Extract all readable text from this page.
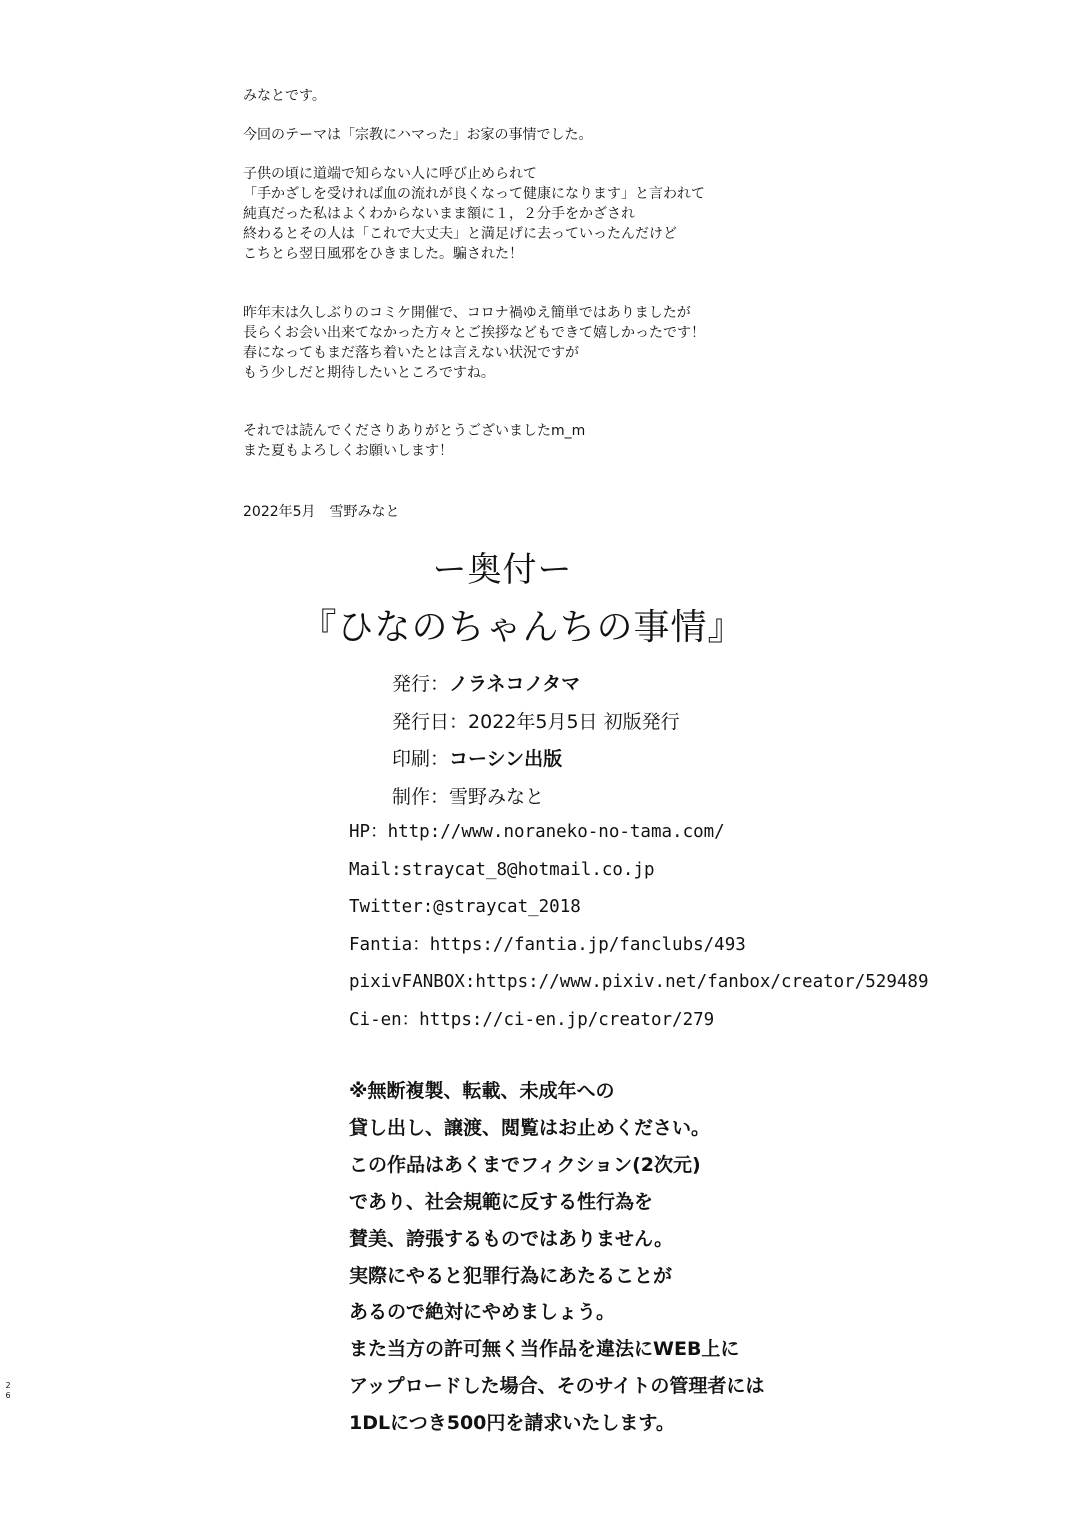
みなとです。

今回のテーマは「宗教にハマった」お家の事情でした。

子供の頃に道端で知らない人に呼び止められて
「手かざしを受ければ血の流れが良くなって健康になります」と言われて
純真だった私はよくわからないまま額に１，２分手をかざされ
終わるとその人は「これで大丈夫」と満足げに去っていったんだけど
こちとら翌日風邪をひきました。騙された！

昨年末は久しぶりのコミケ開催で、コロナ禍ゆえ簡単ではありましたが
長らくお会い出来てなかった方々とご挨拶などもできて嬉しかったです！
春になってもまだ落ち着いたとは言えない状況ですが
もう少しだと期待したいところですね。

それでは読んでくださりありがとうございましたm_m
また夏もよろしくお願いします！

2022年5月　雪野みなと

ー奥付ー
『ひなのちゃんちの事情』
発行：ノラネコノタマ
発行日：2022年5月5日 初版発行
印刷：コーシン出版
制作：雪野みなと
HP：http://www.noraneko-no-tama.com/
Mail:straycat_8@hotmail.co.jp
Twitter:@straycat_2018
Fantia：https://fantia.jp/fanclubs/493
pixivFANBOX:https://www.pixiv.net/fanbox/creator/529489
Ci-en：https://ci-en.jp/creator/279
※無断複製、転載、未成年への
貸し出し、譲渡、閲覧はお止めください。
この作品はあくまでフィクション(2次元)
であり、社会規範に反する性行為を
賛美、誇張するものではありません。
実際にやると犯罪行為にあたることが
あるので絶対にやめましょう。
また当方の許可無く当作品を違法にWEB上に
アップロードした場合、そのサイトの管理者には
1DLにつき500円を請求いたします。
2
6
